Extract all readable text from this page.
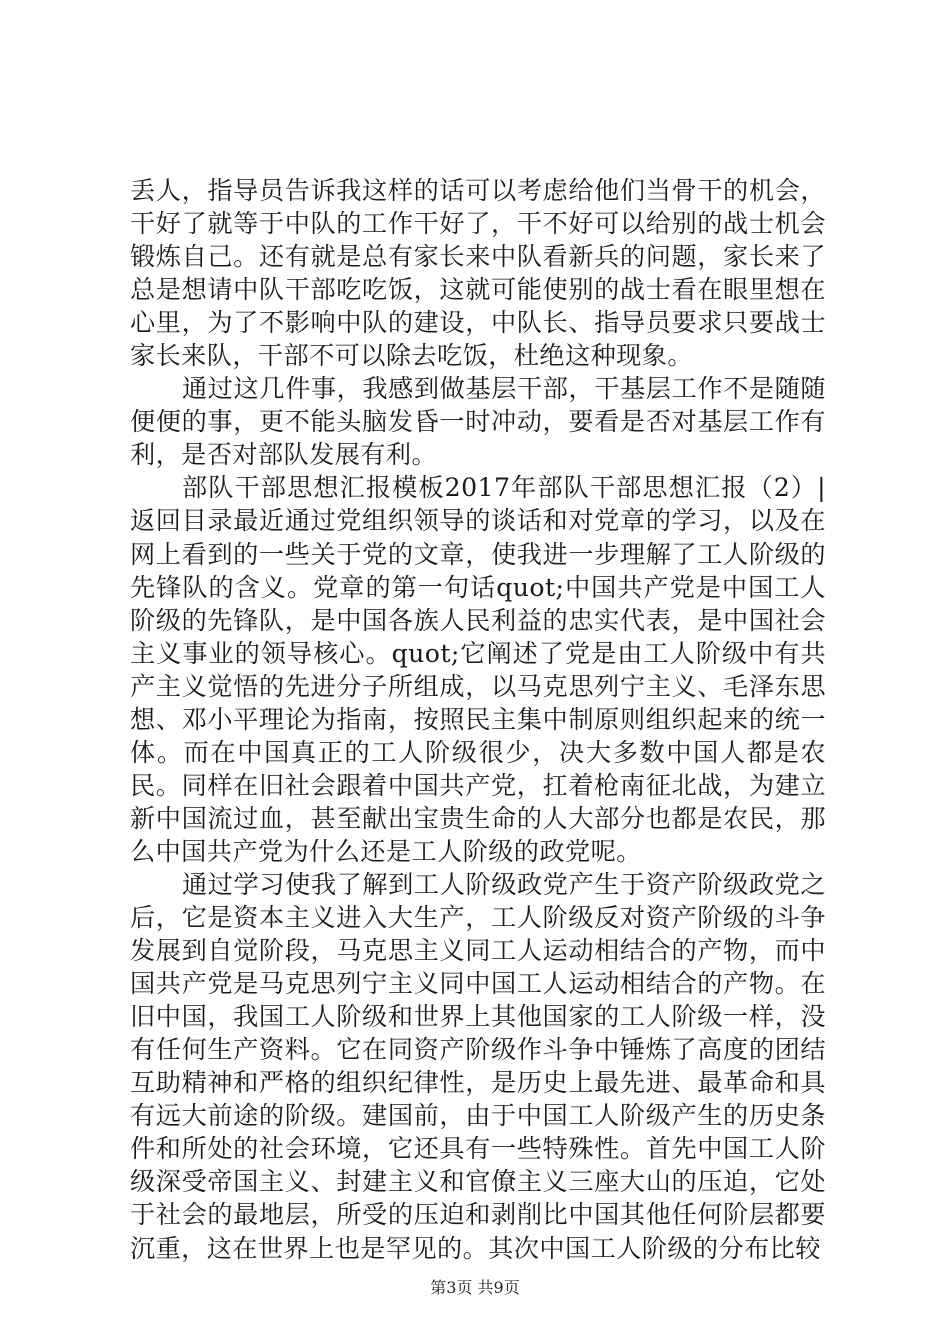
丢人，指导员告诉我这样的话可以考虑给他们当骨干的机会，干好了就等于中队的工作干好了，干不好可以给别的战士机会锻炼自己。还有就是总有家长来中队看新兵的问题，家长来了总是想请中队干部吃吃饭，这就可能使别的战士看在眼里想在心里，为了不影响中队的建设，中队长、指导员要求只要战士家长来队，干部不可以除去吃饭，杜绝这种现象。

通过这几件事，我感到做基层干部，干基层工作不是随随便便的事，更不能头脑发昏一时冲动，要看是否对基层工作有利，是否对部队发展有利。

部队干部思想汇报模板2017年部队干部思想汇报（2）|返回目录最近通过党组织领导的谈话和对党章的学习，以及在网上看到的一些关于党的文章，使我进一步理解了工人阶级的先锋队的含义。党章的第一句话quot;中国共产党是中国工人阶级的先锋队，是中国各族人民利益的忠实代表，是中国社会主义事业的领导核心。quot;它阐述了党是由工人阶级中有共产主义觉悟的先进分子所组成，以马克思列宁主义、毛泽东思想、邓小平理论为指南，按照民主集中制原则组织起来的统一体。而在中国真正的工人阶级很少，决大多数中国人都是农民。同样在旧社会跟着中国共产党，扛着枪南征北战，为建立新中国流过血，甚至献出宝贵生命的人大部分也都是农民，那么中国共产党为什么还是工人阶级的政党呢。

通过学习使我了解到工人阶级政党产生于资产阶级政党之后，它是资本主义进入大生产，工人阶级反对资产阶级的斗争发展到自觉阶段，马克思主义同工人运动相结合的产物，而中国共产党是马克思列宁主义同中国工人运动相结合的产物。在旧中国，我国工人阶级和世界上其他国家的工人阶级一样，没有任何生产资料。它在同资产阶级作斗争中锤炼了高度的团结互助精神和严格的组织纪律性，是历史上最先进、最革命和具有远大前途的阶级。建国前，由于中国工人阶级产生的历史条件和所处的社会环境，它还具有一些特殊性。首先中国工人阶级深受帝国主义、封建主义和官僚主义三座大山的压迫，它处于社会的最地层，所受的压迫和剥削比中国其他任何阶层都要沉重，这在世界上也是罕见的。其次中国工人阶级的分布比较

第3页 共9页
